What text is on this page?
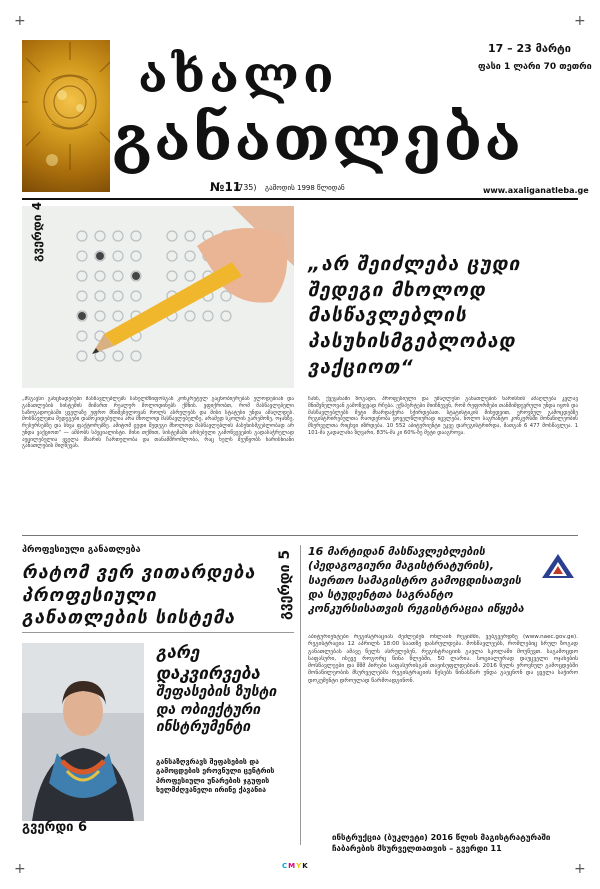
+	+
+	+
ახალი
განათლება
17 – 23 მარტი
ფასი 1 ლარი 70 თეთრი
№11
(735) გამოდის 1998 წლიდან	www.axaliganatleba.ge
გვერდი 4
„არ შეიძლება ცუდი შედეგი მხოლოდ მასწავლებლის პასუხისმგებლობად ვაქციოთ“
„მსგავსი განცხადებები მასწავლებლებს სახელმწიფოსგან კონკრეტულ გაცნობიერებას ელოდებიან და განათლების სისტემის მიმართ რეალურ მოლოდინებს ქმნის. ვფიქრობთ, რომ მასწავლებელი საზოგადოებაში ყველაზე უფრო მნიშვნელოვან როლს ასრულებს და მისი სტატუსი უნდა ამაღლდეს. მოსწავლეთა შედეგები დამოკიდებულია არა მხოლოდ მასწავლებელზე, არამედ სკოლის გარემოზე, ოჯახზე, რესურსებზე და სხვა ფაქტორებზე. ამიტომ ცუდი შედეგი მხოლოდ მასწავლებლის პასუხისმგებლობად არ უნდა ვაქციოთ“ — ამბობს სპეციალისტი. მისი თქმით, სისტემაში არსებული გამოწვევების გადასაჭრელად აუცილებელია ყველა მხარის ჩართულობა და თანამშრომლობა, რაც ხელს შეუწყობს ხარისხიანი განათლების მიღწევას.
ჩანს, ქვეყანაში ზოგადი, პროფესიული და უმაღლესი განათლების ხარისხის ამაღლება კვლავ მნიშვნელოვან გამოწვევად რჩება. ექსპერტები მიიჩნევენ, რომ რეფორმები თანმიმდევრული უნდა იყოს და მასწავლებლებს მეტი მხარდაჭერა სჭირდებათ. სტატისტიკის მიხედვით, ეროვნულ გამოცდებზე რეგისტრირებულთა რაოდენობა ყოველწლიურად იცვლება, ხოლო საგრანტო კონკურსში მონაწილეობის მსურველთა რიცხვი იზრდება. 10 552 აბიტურიენტი უკვე დარეგისტრირდა, მათგან 6 477 მოსწავლეა. 1 101-მა გადალახა ზღვარი, 83%-მა კი 60%-ზე მეტი დააგროვა.
პროფესიული განათლება
რატომ ვერ ვითარდება პროფესიული განათლების სისტემა	გვერდი 5
გარე დაკვირვება
შეფასების ზუსტი და ობიექტური ინსტრუმენტი
განსაზღვრავს შეფასების და გამოცდების ეროვნული ცენტრის პროფესიული უნარების ჯგუფის ხელმძღვანელი ირინე ქავანია
გვერდი 6
16 მარტიდან მასწავლებლების (პედაგოგიური მაგისტრატურის), საერთო სამაგისტრო გამოცდისათვის და სტუდენტთა საგრანტო კონკურსისათვის რეგისტრაცია იწყება
აბიტურიენტები რეგისტრაციას შეძლებენ ონლაინ რეჟიმში, ვებგვერდზე (www.naec.gov.ge). რეგისტრაცია 12 აპრილს 18:00 საათზე დასრულდება. მოსწავლეებს, რომლებიც სრულ ზოგად განათლებას ამავე წელს ასრულებენ, რეგისტრაციის გავლა სკოლაში მოუწევთ. საგამოცდო საფასური, ისევე როგორც წინა წლებში, 50 ლარია. სოციალურად დაუცველი ოჯახების მოსწავლეები და შშმ პირები საფასურისგან თავისუფლდებიან. 2016 წელს ეროვნულ გამოცდებში მონაწილეობის მსურველებმა რეგისტრაციის წესებს წინასწარ უნდა გაეცნონ და ყველა საჭირო დოკუმენტი დროულად წარმოადგინონ.
ინსტრუქცია (ბუკლეტი) 2016 წლის მაგისტრატურაში ჩაბარების მსურველთათვის – გვერდი 11
CMYK
